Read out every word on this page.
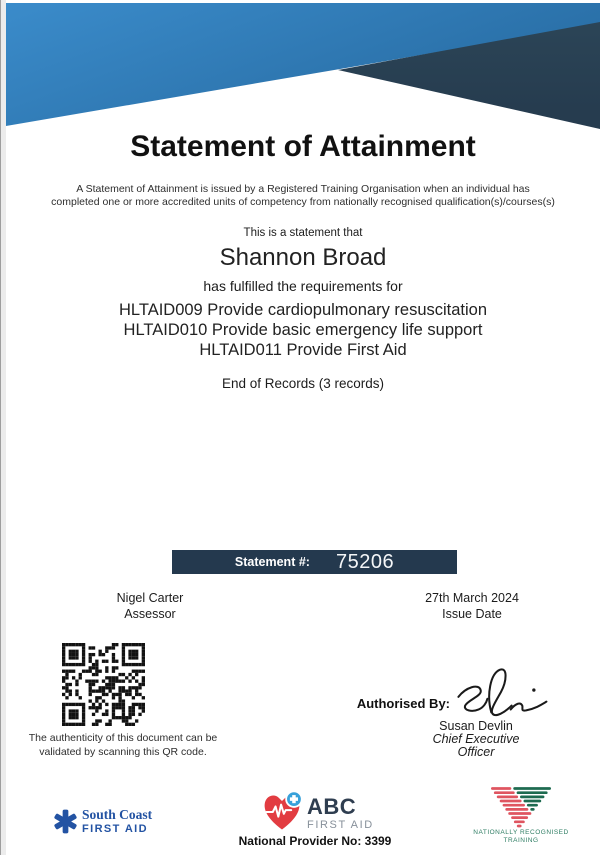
Statement of Attainment
A Statement of Attainment is issued by a Registered Training Organisation when an individual has
completed one or more accredited units of competency from nationally recognised qualification(s)/courses(s)
This is a statement that
Shannon Broad
has fulfilled the requirements for
HLTAID009 Provide cardiopulmonary resuscitation
HLTAID010 Provide basic emergency life support
HLTAID011 Provide First Aid
End of Records (3 records)
Statement #: 75206
Nigel Carter
Assessor
27th March 2024
Issue Date
The authenticity of this document can be
validated by scanning this QR code.
Authorised By:
Susan Devlin
Chief Executive
Officer
South Coast
FIRST AID
ABC
FIRST AID
National Provider No: 3399
NATIONALLY RECOGNISED
TRAINING
